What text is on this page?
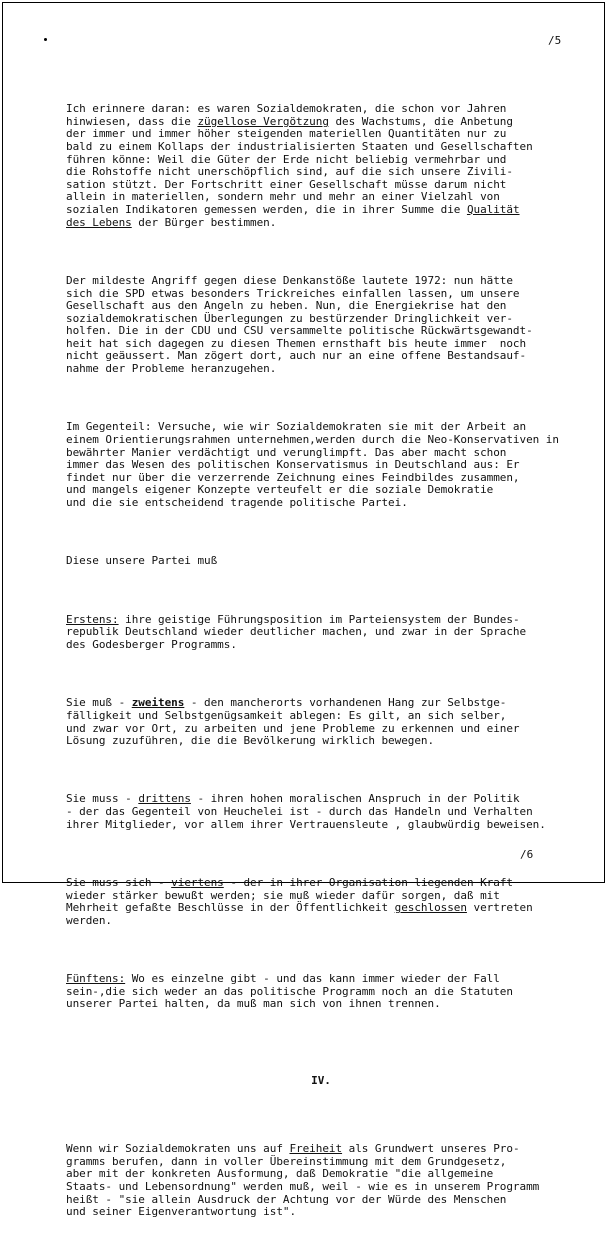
/5

Ich erinnere daran: es waren Sozialdemokraten, die schon vor Jahren
hinwiesen, dass die zügellose Vergötzung des Wachstums, die Anbetung
der immer und immer höher steigenden materiellen Quantitäten nur zu
bald zu einem Kollaps der industrialisierten Staaten und Gesellschaften
führen könne: Weil die Güter der Erde nicht beliebig vermehrbar und
die Rohstoffe nicht unerschöpflich sind, auf die sich unsere Zivili-
sation stützt. Der Fortschritt einer Gesellschaft müsse darum nicht
allein in materiellen, sondern mehr und mehr an einer Vielzahl von
sozialen Indikatoren gemessen werden, die in ihrer Summe die Qualität
des Lebens der Bürger bestimmen.

Der mildeste Angriff gegen diese Denkanstöße lautete 1972: nun hätte
sich die SPD etwas besonders Trickreiches einfallen lassen, um unsere
Gesellschaft aus den Angeln zu heben. Nun, die Energiekrise hat den
sozialdemokratischen Überlegungen zu bestürzender Dringlichkeit ver-
holfen. Die in der CDU und CSU versammelte politische Rückwärtsgewandt-
heit hat sich dagegen zu diesen Themen ernsthaft bis heute immer  noch
nicht geäussert. Man zögert dort, auch nur an eine offene Bestandsauf-
nahme der Probleme heranzugehen.

Im Gegenteil: Versuche, wie wir Sozialdemokraten sie mit der Arbeit an
einem Orientierungsrahmen unternehmen,werden durch die Neo-Konservativen in
bewährter Manier verdächtigt und verunglimpft. Das aber macht schon
immer das Wesen des politischen Konservatismus in Deutschland aus: Er
findet nur über die verzerrende Zeichnung eines Feindbildes zusammen,
und mangels eigener Konzepte verteufelt er die soziale Demokratie
und die sie entscheidend tragende politische Partei.

Diese unsere Partei muß

Erstens: ihre geistige Führungsposition im Parteiensystem der Bundes-
republik Deutschland wieder deutlicher machen, und zwar in der Sprache
des Godesberger Programms.

Sie muß - zweitens - den mancherorts vorhandenen Hang zur Selbstge-
fälligkeit und Selbstgenügsamkeit ablegen: Es gilt, an sich selber,
und zwar vor Ort, zu arbeiten und jene Probleme zu erkennen und einer
Lösung zuzuführen, die die Bevölkerung wirklich bewegen.

Sie muss - drittens - ihren hohen moralischen Anspruch in der Politik
- der das Gegenteil von Heuchelei ist - durch das Handeln und Verhalten
ihrer Mitglieder, vor allem ihrer Vertrauensleute , glaubwürdig beweisen.

Sie muss sich - viertens - der in ihrer Organisation liegenden Kraft
wieder stärker bewußt werden; sie muß wieder dafür sorgen, daß mit
Mehrheit gefaßte Beschlüsse in der Öffentlichkeit geschlossen vertreten
werden.

Fünftens: Wo es einzelne gibt - und das kann immer wieder der Fall
sein-,die sich weder an das politische Programm noch an die Statuten
unserer Partei halten, da muß man sich von ihnen trennen.

IV.

Wenn wir Sozialdemokraten uns auf Freiheit als Grundwert unseres Pro-
gramms berufen, dann in voller Übereinstimmung mit dem Grundgesetz,
aber mit der konkreten Ausformung, daß Demokratie "die allgemeine
Staats- und Lebensordnung" werden muß, weil - wie es in unserem Programm
heißt - "sie allein Ausdruck der Achtung vor der Würde des Menschen
und seiner Eigenverantwortung ist".

/6
